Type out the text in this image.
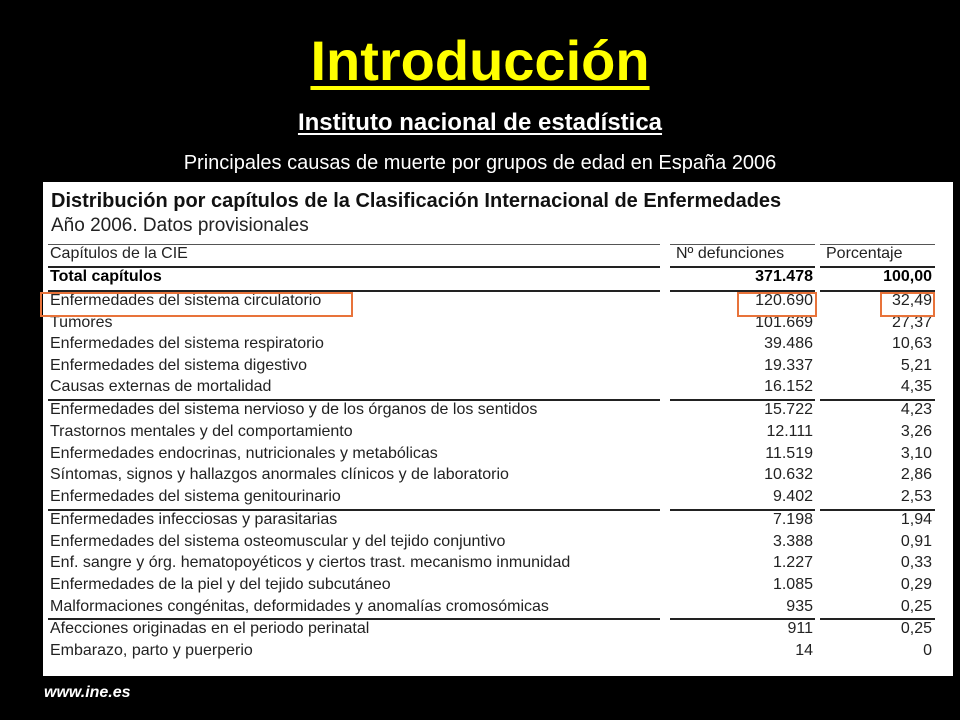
Introducción
Instituto nacional de estadística
Principales causas de muerte por grupos de edad en España 2006
Distribución por capítulos de la Clasificación Internacional de Enfermedades
Año 2006. Datos provisionales
Capítulos de la CIE	Nº defunciones	Porcentaje
Total capítulos	371.478	100,00
Enfermedades del sistema circulatorio	120.690	32,49
Tumores	101.669	27,37
Enfermedades del sistema respiratorio	39.486	10,63
Enfermedades del sistema digestivo	19.337	5,21
Causas externas de mortalidad	16.152	4,35
Enfermedades del sistema nervioso y de los órganos de los sentidos	15.722	4,23
Trastornos mentales y del comportamiento	12.111	3,26
Enfermedades endocrinas, nutricionales y metabólicas	11.519	3,10
Síntomas, signos y hallazgos anormales clínicos y de laboratorio	10.632	2,86
Enfermedades del sistema genitourinario	9.402	2,53
Enfermedades infecciosas y parasitarias	7.198	1,94
Enfermedades del sistema osteomuscular y del tejido conjuntivo	3.388	0,91
Enf. sangre y órg. hematopoyéticos y ciertos trast. mecanismo inmunidad	1.227	0,33
Enfermedades de la piel y del tejido subcutáneo	1.085	0,29
Malformaciones congénitas, deformidades y anomalías cromosómicas	935	0,25
Afecciones originadas en el periodo perinatal	911	0,25
Embarazo, parto y puerperio	14	0
www.ine.es
